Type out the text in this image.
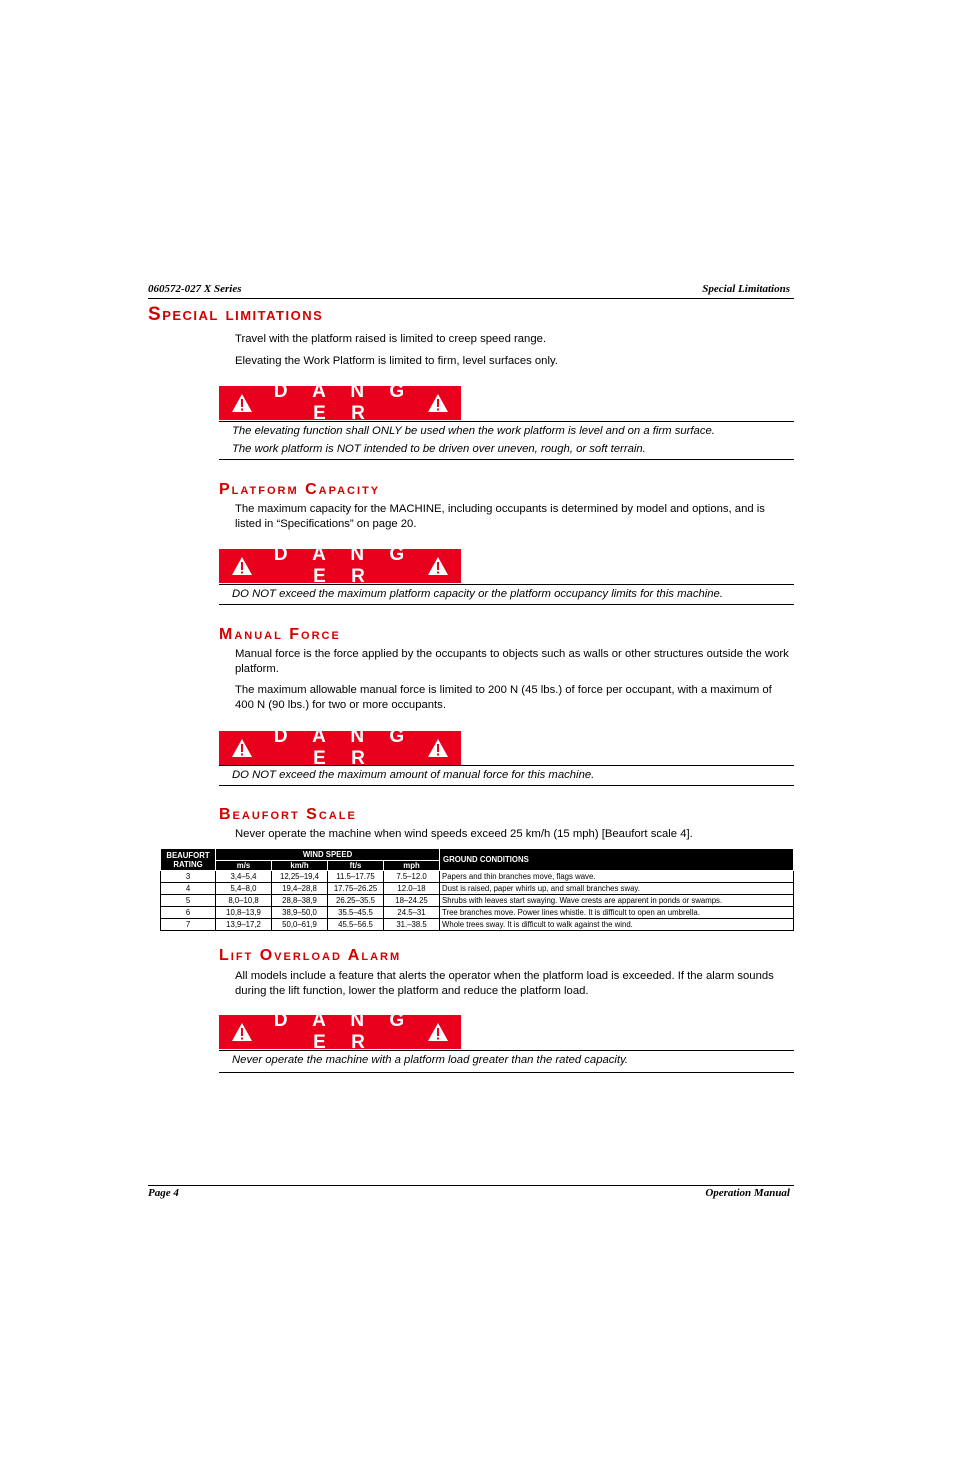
060572-027 X Series	Special Limitations
Special limitations

Travel with the platform raised is limited to creep speed range.

Elevating the Work Platform is limited to firm, level surfaces only.

D A N G E R

The elevating function shall ONLY be used when the work platform is level and on a firm surface.

The work platform is NOT intended to be driven over uneven, rough, or soft terrain.

Platform Capacity

The maximum capacity for the MACHINE, including occupants is determined by model and options, and is listed in “Specifications” on page 20.

D A N G E R

DO NOT exceed the maximum platform capacity or the platform occupancy limits for this machine.

Manual Force

Manual force is the force applied by the occupants to objects such as walls or other structures outside the work platform.

The maximum allowable manual force is limited to 200 N (45 lbs.) of force per occupant, with a maximum of 400 N (90 lbs.) for two or more occupants.

D A N G E R

DO NOT exceed the maximum amount of manual force for this machine.

Beaufort Scale

Never operate the machine when wind speeds exceed 25 km/h (15 mph) [Beaufort scale 4].

BEAUFORT RATING	WIND SPEED				GROUND CONDITIONS
	m/s	km/h	ft/s	mph	
3	3,4–5,4	12,25–19,4	11.5–17.75	7.5–12.0	Papers and thin branches move, flags wave.
4	5,4–8,0	19,4–28,8	17.75–26.25	12.0–18	Dust is raised, paper whirls up, and small branches sway.
5	8,0–10,8	28,8–38,9	26.25–35.5	18–24.25	Shrubs with leaves start swaying. Wave crests are apparent in ponds or swamps.
6	10,8–13,9	38,9–50,0	35.5–45.5	24.5–31	Tree branches move. Power lines whistle. It is difficult to open an umbrella.
7	13,9–17,2	50,0–61,9	45.5–56.5	31.–38.5	Whole trees sway. It is difficult to walk against the wind.
Lift Overload Alarm

All models include a feature that alerts the operator when the platform load is exceeded. If the alarm sounds during the lift function, lower the platform and reduce the platform load.

D A N G E R

Never operate the machine with a platform load greater than the rated capacity.

Page 4	Operation Manual
